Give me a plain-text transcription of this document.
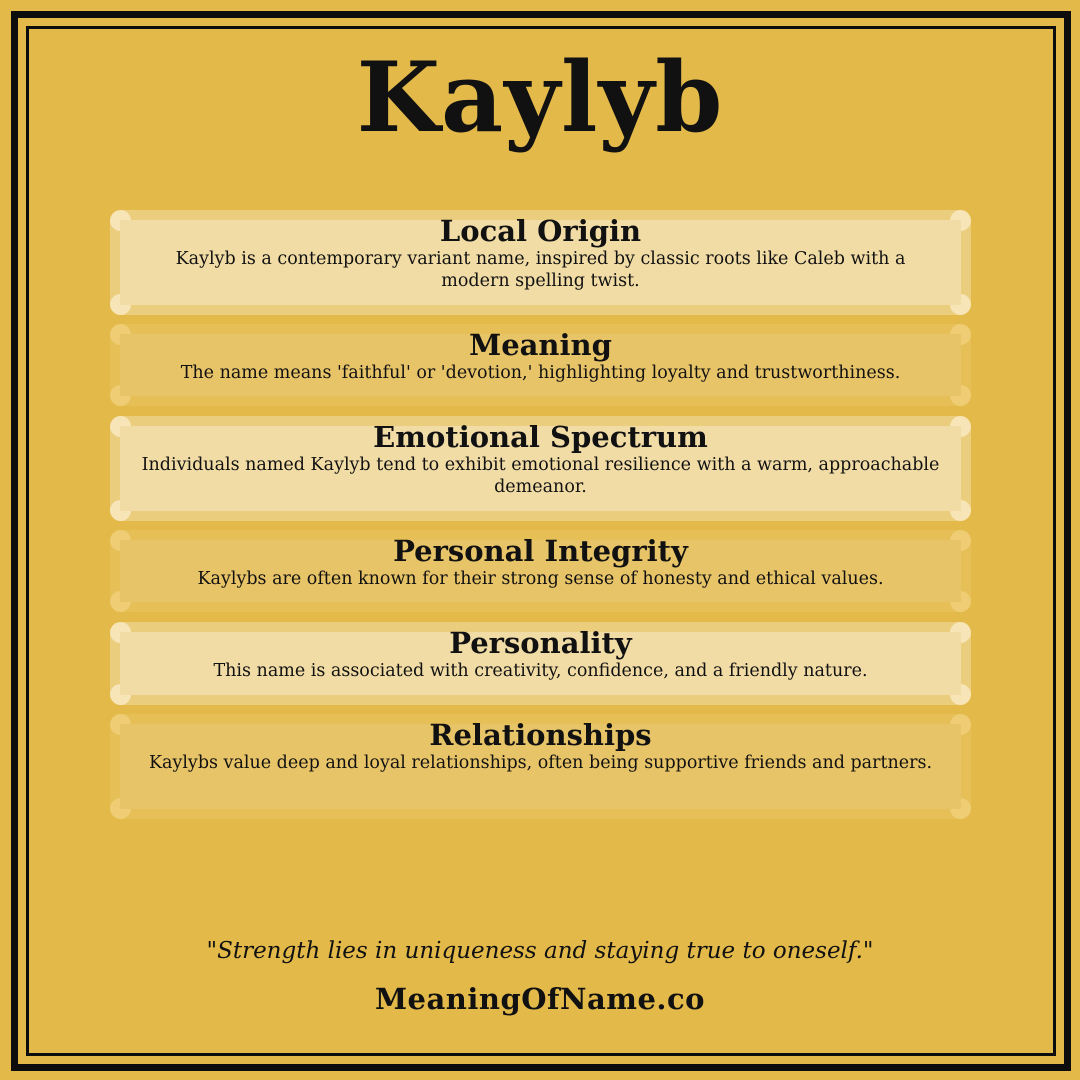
Kaylyb
Local Origin

Kaylyb is a contemporary variant name, inspired by classic roots like Caleb with a modern spelling twist.

Meaning

The name means 'faithful' or 'devotion,' highlighting loyalty and trustworthiness.

Emotional Spectrum

Individuals named Kaylyb tend to exhibit emotional resilience with a warm, approachable demeanor.

Personal Integrity

Kaylybs are often known for their strong sense of honesty and ethical values.

Personality

This name is associated with creativity, confidence, and a friendly nature.

Relationships

Kaylybs value deep and loyal relationships, often being supportive friends and partners.

"Strength lies in uniqueness and staying true to oneself."
MeaningOfName.co
